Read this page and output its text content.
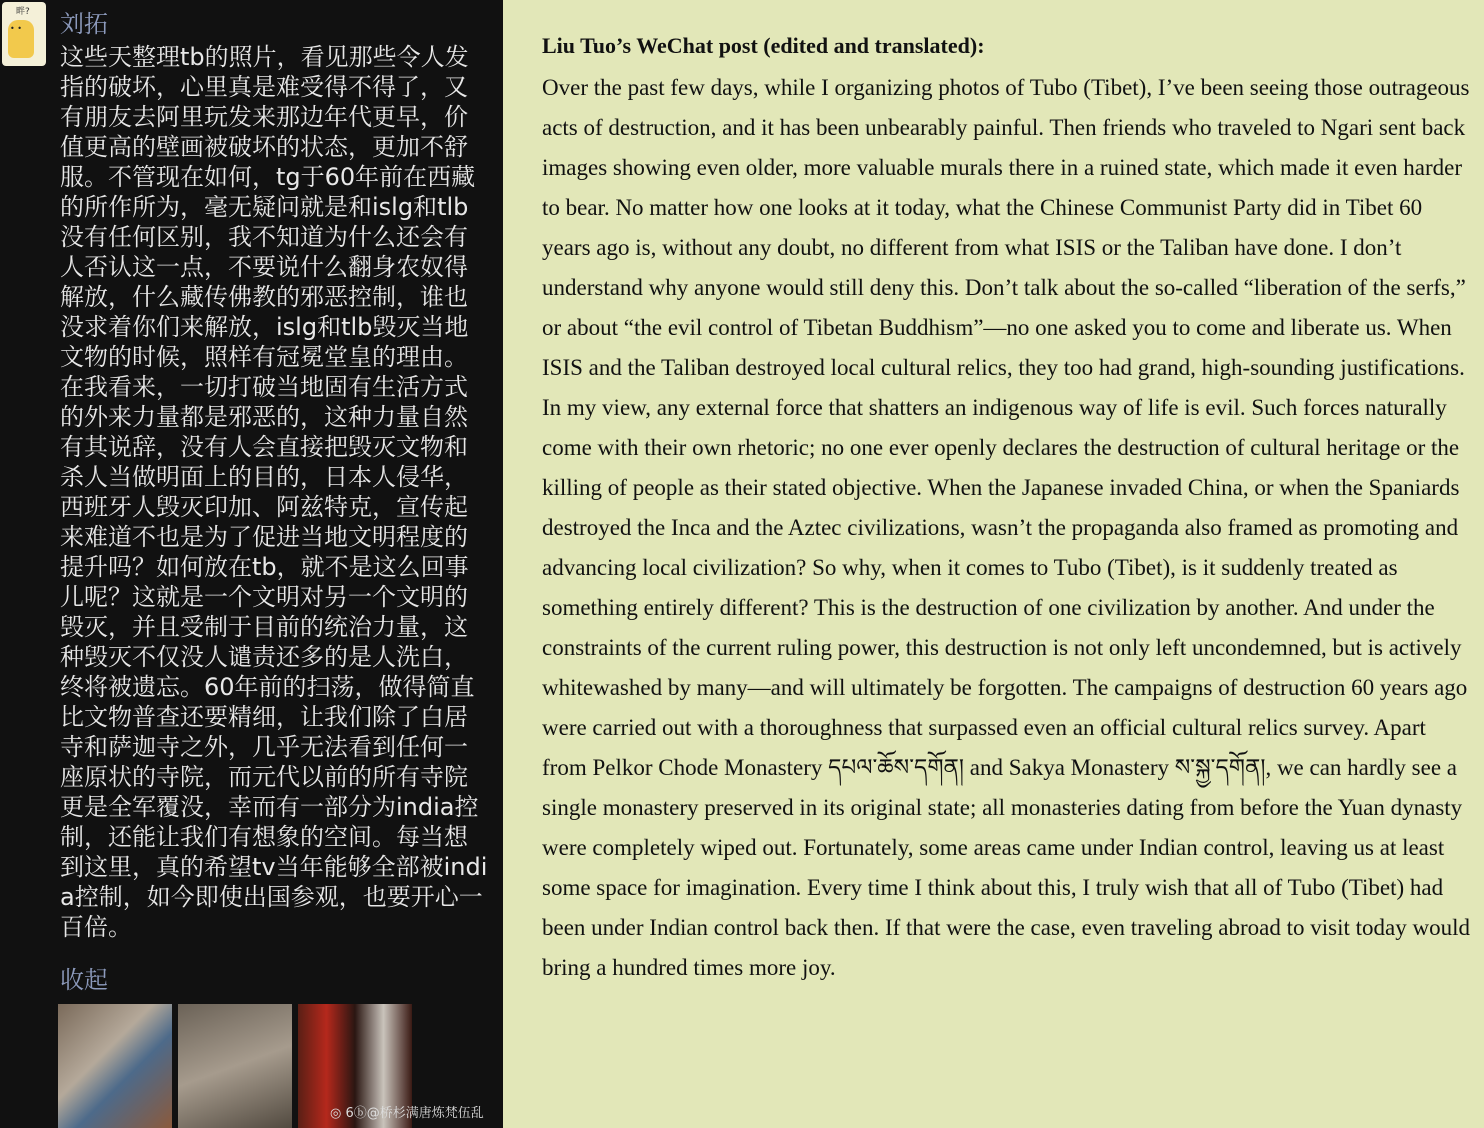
畔?
• • 刘拓

这些天整理tb的照片，看见那些令人发指的破坏，心里真是难受得不得了，又有朋友去阿里玩发来那边年代更早，价值更高的壁画被破坏的状态，更加不舒服。不管现在如何，tg于60年前在西藏的所作所为，毫无疑问就是和islg和tlb没有任何区别，我不知道为什么还会有人否认这一点，不要说什么翻身农奴得解放，什么藏传佛教的邪恶控制，谁也没求着你们来解放，islg和tlb毁灭当地文物的时候，照样有冠冕堂皇的理由。在我看来，一切打破当地固有生活方式的外来力量都是邪恶的，这种力量自然有其说辞，没有人会直接把毁灭文物和杀人当做明面上的目的，日本人侵华，西班牙人毁灭印加、阿兹特克，宣传起来难道不也是为了促进当地文明程度的提升吗？如何放在tb，就不是这么回事儿呢？这就是一个文明对另一个文明的毁灭，并且受制于目前的统治力量，这种毁灭不仅没人谴责还多的是人洗白，终将被遗忘。60年前的扫荡，做得简直比文物普查还要精细，让我们除了白居寺和萨迦寺之外，几乎无法看到任何一座原状的寺院，而元代以前的所有寺院更是全军覆没，幸而有一部分为india控制，还能让我们有想象的空间。每当想到这里，真的希望tv当年能够全部被india控制，如今即使出国参观，也要开心一百倍。

收起
◎ 6ⓑ@桥杉满唐炼梵伍乱
Liu Tuo’s WeChat post (edited and translated):

Over the past few days, while I organizing photos of Tubo (Tibet), I’ve been seeing those outrageous acts of destruction, and it has been unbearably painful. Then friends who traveled to Ngari sent back images showing even older, more valuable murals there in a ruined state, which made it even harder to bear. No matter how one looks at it today, what the Chinese Communist Party did in Tibet 60 years ago is, without any doubt, no different from what ISIS or the Taliban have done. I don’t understand why anyone would still deny this. Don’t talk about the so-called “liberation of the serfs,” or about “the evil control of Tibetan Buddhism”—no one asked you to come and liberate us. When ISIS and the Taliban destroyed local cultural relics, they too had grand, high-sounding justifications. In my view, any external force that shatters an indigenous way of life is evil. Such forces naturally come with their own rhetoric; no one ever openly declares the destruction of cultural heritage or the killing of people as their stated objective. When the Japanese invaded China, or when the Spaniards destroyed the Inca and the Aztec civilizations, wasn’t the propaganda also framed as promoting and advancing local civilization? So why, when it comes to Tubo (Tibet), is it suddenly treated as something entirely different? This is the destruction of one civilization by another. And under the constraints of the current ruling power, this destruction is not only left uncondemned, but is actively whitewashed by many—and will ultimately be forgotten. The campaigns of destruction 60 years ago were carried out with a thoroughness that surpassed even an official cultural relics survey. Apart from Pelkor Chode Monastery དཔལ་ཆོས་དགོན། and Sakya Monastery ས་སྐྱ་དགོན།, we can hardly see a single monastery preserved in its original state; all monasteries dating from before the Yuan dynasty were completely wiped out. Fortunately, some areas came under Indian control, leaving us at least some space for imagination. Every time I think about this, I truly wish that all of Tubo (Tibet) had been under Indian control back then. If that were the case, even traveling abroad to visit today would bring a hundred times more joy.
